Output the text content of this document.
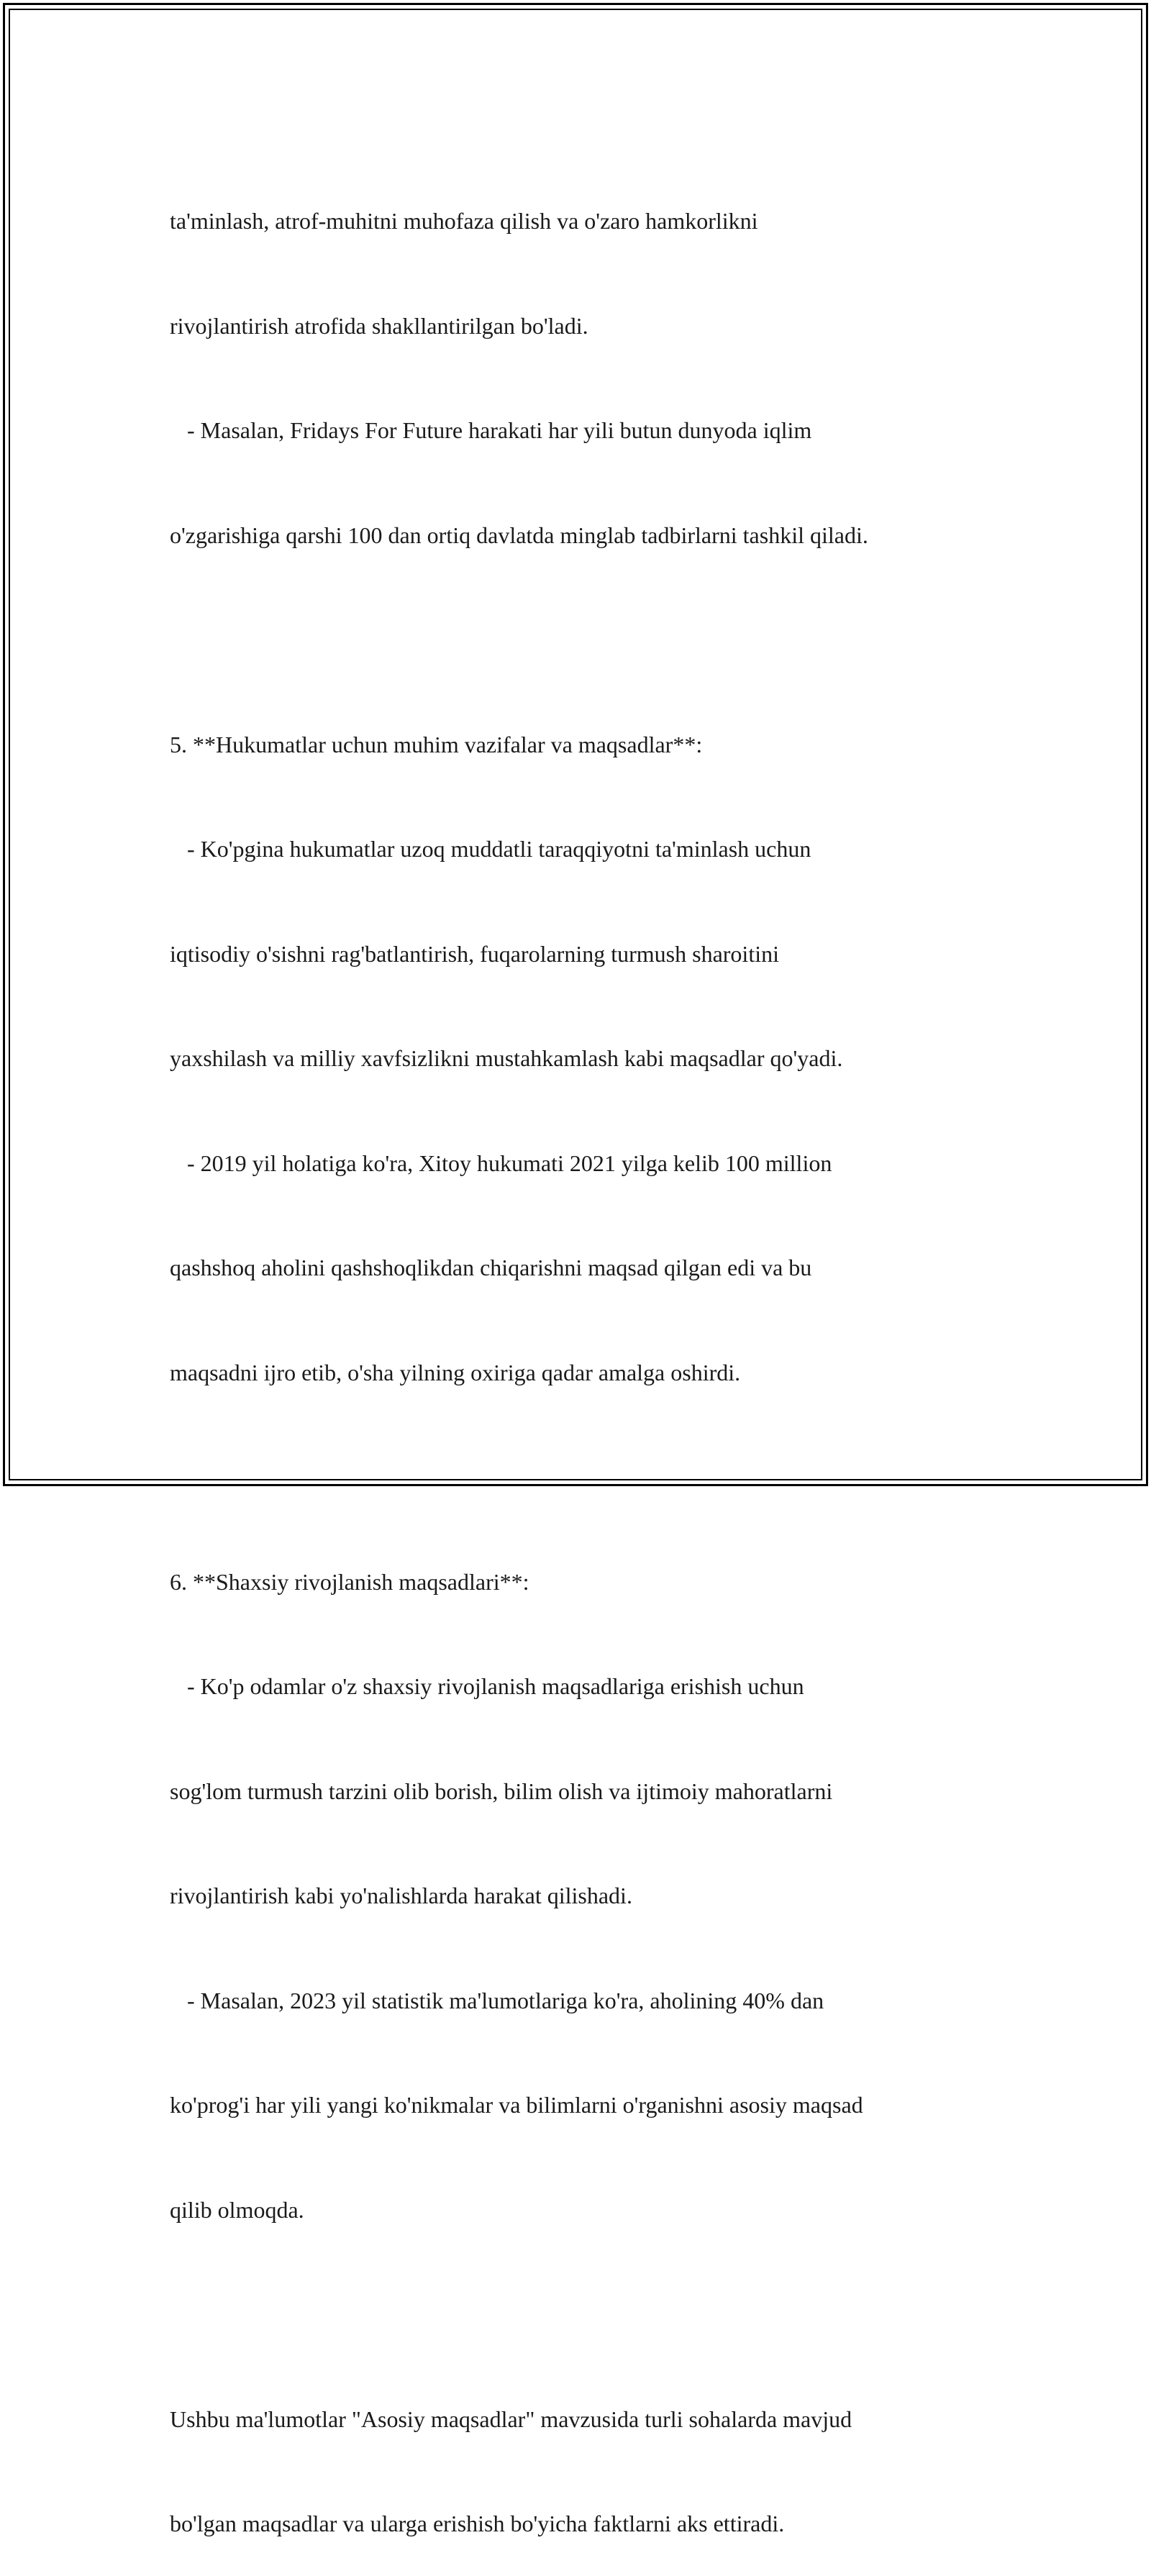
ta'minlash, atrof-muhitni muhofaza qilish va o'zaro hamkorlikni

rivojlantirish atrofida shakllantirilgan bo'ladi.

- Masalan, Fridays For Future harakati har yili butun dunyoda iqlim

o'zgarishiga qarshi 100 dan ortiq davlatda minglab tadbirlarni tashkil qiladi.

5. **Hukumatlar uchun muhim vazifalar va maqsadlar**:

- Ko'pgina hukumatlar uzoq muddatli taraqqiyotni ta'minlash uchun

iqtisodiy o'sishni rag'batlantirish, fuqarolarning turmush sharoitini

yaxshilash va milliy xavfsizlikni mustahkamlash kabi maqsadlar qo'yadi.

- 2019 yil holatiga ko'ra, Xitoy hukumati 2021 yilga kelib 100 million

qashshoq aholini qashshoqlikdan chiqarishni maqsad qilgan edi va bu

maqsadni ijro etib, o'sha yilning oxiriga qadar amalga oshirdi.

6. **Shaxsiy rivojlanish maqsadlari**:

- Ko'p odamlar o'z shaxsiy rivojlanish maqsadlariga erishish uchun

sog'lom turmush tarzini olib borish, bilim olish va ijtimoiy mahoratlarni

rivojlantirish kabi yo'nalishlarda harakat qilishadi.

- Masalan, 2023 yil statistik ma'lumotlariga ko'ra, aholining 40% dan

ko'prog'i har yili yangi ko'nikmalar va bilimlarni o'rganishni asosiy maqsad

qilib olmoqda.

Ushbu ma'lumotlar "Asosiy maqsadlar" mavzusida turli sohalarda mavjud

bo'lgan maqsadlar va ularga erishish bo'yicha faktlarni aks ettiradi.
